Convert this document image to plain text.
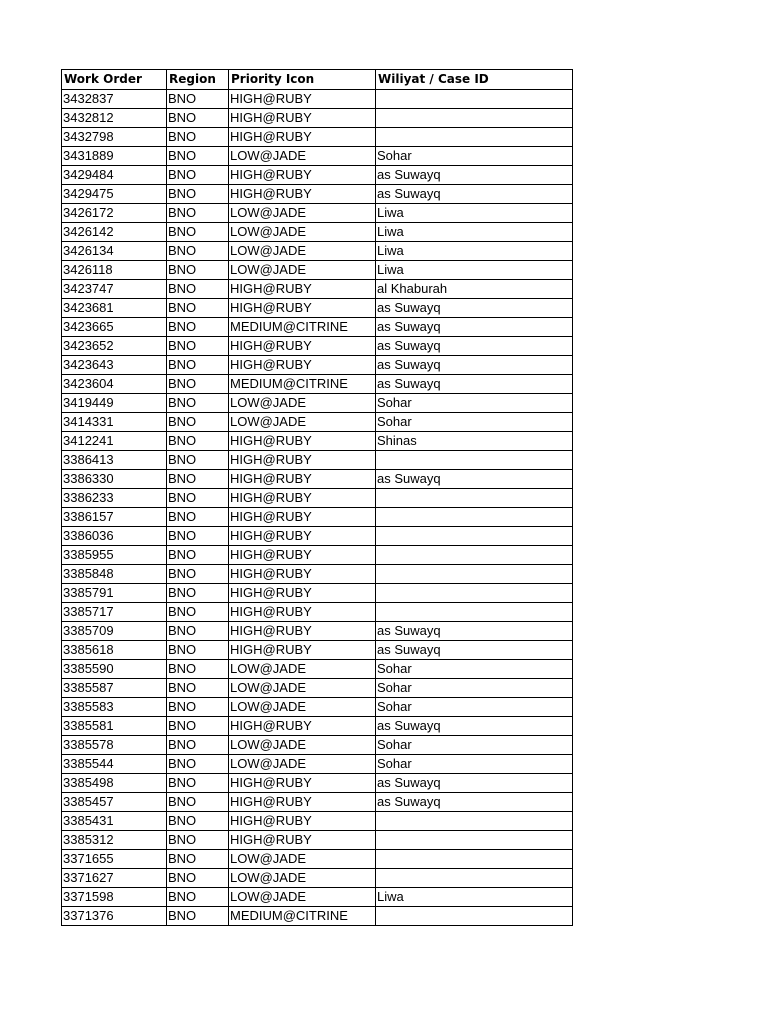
Work Order	Region	Priority Icon	Wiliyat / Case ID
3432837	BNO	HIGH@RUBY	
3432812	BNO	HIGH@RUBY	
3432798	BNO	HIGH@RUBY	
3431889	BNO	LOW@JADE	Sohar
3429484	BNO	HIGH@RUBY	as Suwayq
3429475	BNO	HIGH@RUBY	as Suwayq
3426172	BNO	LOW@JADE	Liwa
3426142	BNO	LOW@JADE	Liwa
3426134	BNO	LOW@JADE	Liwa
3426118	BNO	LOW@JADE	Liwa
3423747	BNO	HIGH@RUBY	al Khaburah
3423681	BNO	HIGH@RUBY	as Suwayq
3423665	BNO	MEDIUM@CITRINE	as Suwayq
3423652	BNO	HIGH@RUBY	as Suwayq
3423643	BNO	HIGH@RUBY	as Suwayq
3423604	BNO	MEDIUM@CITRINE	as Suwayq
3419449	BNO	LOW@JADE	Sohar
3414331	BNO	LOW@JADE	Sohar
3412241	BNO	HIGH@RUBY	Shinas
3386413	BNO	HIGH@RUBY	
3386330	BNO	HIGH@RUBY	as Suwayq
3386233	BNO	HIGH@RUBY	
3386157	BNO	HIGH@RUBY	
3386036	BNO	HIGH@RUBY	
3385955	BNO	HIGH@RUBY	
3385848	BNO	HIGH@RUBY	
3385791	BNO	HIGH@RUBY	
3385717	BNO	HIGH@RUBY	
3385709	BNO	HIGH@RUBY	as Suwayq
3385618	BNO	HIGH@RUBY	as Suwayq
3385590	BNO	LOW@JADE	Sohar
3385587	BNO	LOW@JADE	Sohar
3385583	BNO	LOW@JADE	Sohar
3385581	BNO	HIGH@RUBY	as Suwayq
3385578	BNO	LOW@JADE	Sohar
3385544	BNO	LOW@JADE	Sohar
3385498	BNO	HIGH@RUBY	as Suwayq
3385457	BNO	HIGH@RUBY	as Suwayq
3385431	BNO	HIGH@RUBY	
3385312	BNO	HIGH@RUBY	
3371655	BNO	LOW@JADE	
3371627	BNO	LOW@JADE	
3371598	BNO	LOW@JADE	Liwa
3371376	BNO	MEDIUM@CITRINE	
